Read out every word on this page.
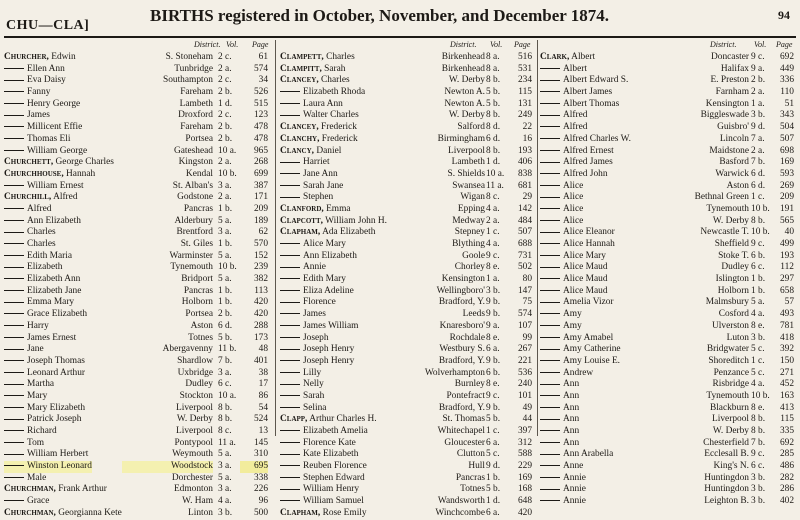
CHU—CLA]
BIRTHS registered in October, November, and December 1874.	94
District. Vol. Page
Churcher, Edwin	S. Stoneham 2 c.	61
Ellen Ann	Tunbridge 2 a.	574
Eva Daisy	Southampton 2 c.	34
Fanny	Fareham 2 b.	526
Henry George	Lambeth 1 d.	515
James	Droxford 2 c.	123
Millicent Effie	Fareham 2 b.	478
Thomas Eli	Portsea 2 b.	478
William George	Gateshead 10 a.	965
Churchett, George Charles	Kingston 2 a.	268
Churchhouse, Hannah	Kendal 10 b.	699
William Ernest	St. Alban's 3 a.	387
Churchill, Alfred	Godstone 2 a.	171
Alfred	Pancras 1 b.	209
Ann Elizabeth	Alderbury 5 a.	189
Charles	Brentford 3 a.	62
Charles	St. Giles 1 b.	570
Edith Maria	Warminster 5 a.	152
Elizabeth	Tynemouth 10 b.	239
Elizabeth Ann	Bridport 5 a.	382
Elizabeth Jane	Pancras 1 b.	113
Emma Mary	Holborn 1 b.	420
Grace Elizabeth	Portsea 2 b.	420
Harry	Aston 6 d.	288
James Ernest	Totnes 5 b.	173
Jane	Abergavenny 11 b.	48
Joseph Thomas	Shardlow 7 b.	401
Leonard Arthur	Uxbridge 3 a.	38
Martha	Dudley 6 c.	17
Mary	Stockton 10 a.	86
Mary Elizabeth	Liverpool 8 b.	54
Patrick Joseph	W. Derby 8 b.	524
Richard	Liverpool 8 c.	13
Tom	Pontypool 11 a.	145
William Herbert	Weymouth 5 a.	310
Winston Leonard	Woodstock 3 a.	695
Male	Dorchester 5 a.	338
Churchman, Frank Arthur	Edmonton 3 a.	226
Grace	W. Ham 4 a.	96
Churchman, Georgianna Kete	Linton 3 b.	500
District. Vol. Page
Clampett, Charles	Birkenhead 8 a.	516
Clampitt, Sarah	Birkenhead 8 a.	531
Clancey, Charles	W. Derby 8 b.	234
Elizabeth Rhoda	Newton A. 5 b.	115
Laura Ann	Newton A. 5 b.	131
Walter Charles	W. Derby 8 b.	249
Clancey, Frederick	Salford 8 d.	22
Clanchy, Frederick	Birmingham 6 d.	16
Clancy, Daniel	Liverpool 8 b.	193
Harriet	Lambeth 1 d.	406
Jane Ann	S. Shields 10 a.	838
Sarah Jane	Swansea 11 a.	681
Stephen	Wigan 8 c.	29
Clanford, Emma	Epping 4 a.	142
Clapcott, William John H.	Medway 2 a.	484
Clapham, Ada Elizabeth	Stepney 1 c.	507
Alice Mary	Blything 4 a.	688
Ann Elizabeth	Goole 9 c.	731
Annie	Chorley 8 e.	502
Edith Mary	Kensington 1 a.	80
Eliza Adeline	Wellingboro' 3 b.	147
Florence	Bradford, Y. 9 b.	75
James	Leeds 9 b.	574
James William	Knaresboro' 9 a.	107
Joseph	Rochdale 8 e.	99
Joseph Henry	Westbury S. 6 a.	267
Joseph Henry	Bradford, Y. 9 b.	221
Lilly	Wolverhampton 6 b.	536
Nelly	Burnley 8 e.	240
Sarah	Pontefract 9 c.	101
Selina	Bradford, Y. 9 b.	49
Clapp, Arthur Charles H.	St. Thomas 5 b.	44
Elizabeth Amelia	Whitechapel 1 c.	397
Florence Kate	Gloucester 6 a.	312
Kate Elizabeth	Clutton 5 c.	588
Reuben Florence	Hull 9 d.	229
Stephen Edward	Pancras 1 b.	169
William Henry	Totnes 5 b.	168
William Samuel	Wandsworth 1 d.	648
Clapham, Rose Emily	Winchcombe 6 a.	420
District. Vol. Page
Clark, Albert	Doncaster 9 c.	692
Albert	Halifax 9 a.	449
Albert Edward S.	E. Preston 2 b.	336
Albert James	Farnham 2 a.	110
Albert Thomas	Kensington 1 a.	51
Alfred	Biggleswade 3 b.	343
Alfred	Guisbro' 9 d.	504
Alfred Charles W.	Lincoln 7 a.	507
Alfred Ernest	Maidstone 2 a.	698
Alfred James	Basford 7 b.	169
Alfred John	Warwick 6 d.	593
Alice	Aston 6 d.	269
Alice	Bethnal Green 1 c.	209
Alice	Tynemouth 10 b.	191
Alice	W. Derby 8 b.	565
Alice Eleanor	Newcastle T. 10 b.	40
Alice Hannah	Sheffield 9 c.	499
Alice Mary	Stoke T. 6 b.	193
Alice Maud	Dudley 6 c.	112
Alice Maud	Islington 1 b.	297
Alice Maud	Holborn 1 b.	658
Amelia Vizor	Malmsbury 5 a.	57
Amy	Cosford 4 a.	493
Amy	Ulverston 8 e.	781
Amy Amabel	Luton 3 b.	418
Amy Catherine	Bridgwater 5 c.	392
Amy Louise E.	Shoreditch 1 c.	150
Andrew	Penzance 5 c.	271
Ann	Risbridge 4 a.	452
Ann	Tynemouth 10 b.	163
Ann	Blackburn 8 e.	413
Ann	Liverpool 8 b.	115
Ann	W. Derby 8 b.	335
Ann	Chesterfield 7 b.	692
Ann Arabella	Ecclesall B. 9 c.	285
Anne	King's N. 6 c.	486
Annie	Huntingdon 3 b.	282
Annie	Huntingdon 3 b.	286
Annie	Leighton B. 3 b.	402
